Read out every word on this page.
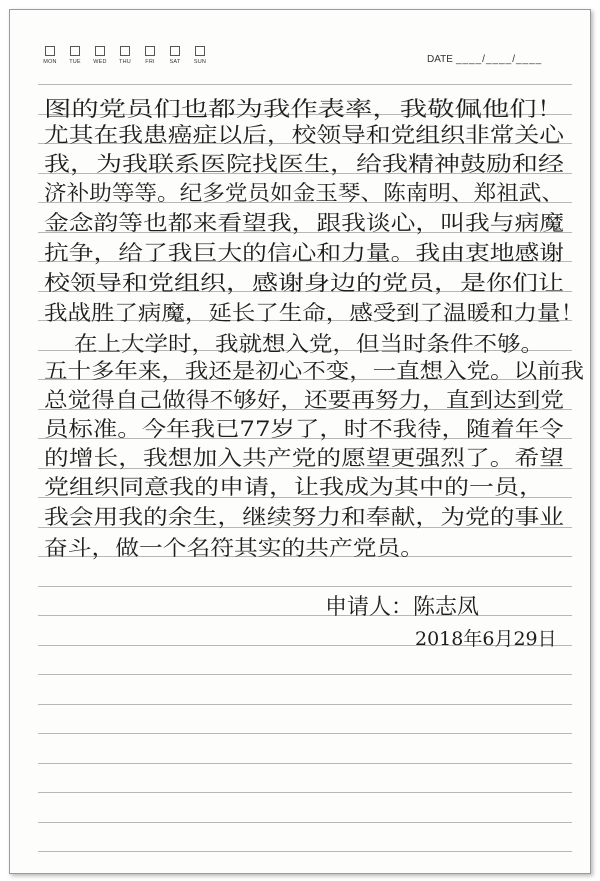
MON TUE WED THU	FRI	SAT SUN	DATE ____/____/____
图的党员们也都为我作表率，我敬佩他们！
尤其在我患癌症以后，校领导和党组织非常关心
我，为我联系医院找医生，给我精神鼓励和经
济补助等等。纪多党员如金玉琴、陈南明、郑祖武、
金念韵等也都来看望我，跟我谈心，叫我与病魔
抗争，给了我巨大的信心和力量。我由衷地感谢
校领导和党组织，感谢身边的党员，是你们让
我战胜了病魔，延长了生命，感受到了温暖和力量！
在上大学时，我就想入党，但当时条件不够。
五十多年来，我还是初心不变，一直想入党。以前我
总觉得自己做得不够好，还要再努力，直到达到党
员标准。今年我已77岁了，时不我待，随着年令
的增长，我想加入共产党的愿望更强烈了。希望
党组织同意我的申请，让我成为其中的一员，
我会用我的余生，继续努力和奉献，为党的事业
奋斗，做一个名符其实的共产党员。
申请人：陈志凤
2018年6月29日
